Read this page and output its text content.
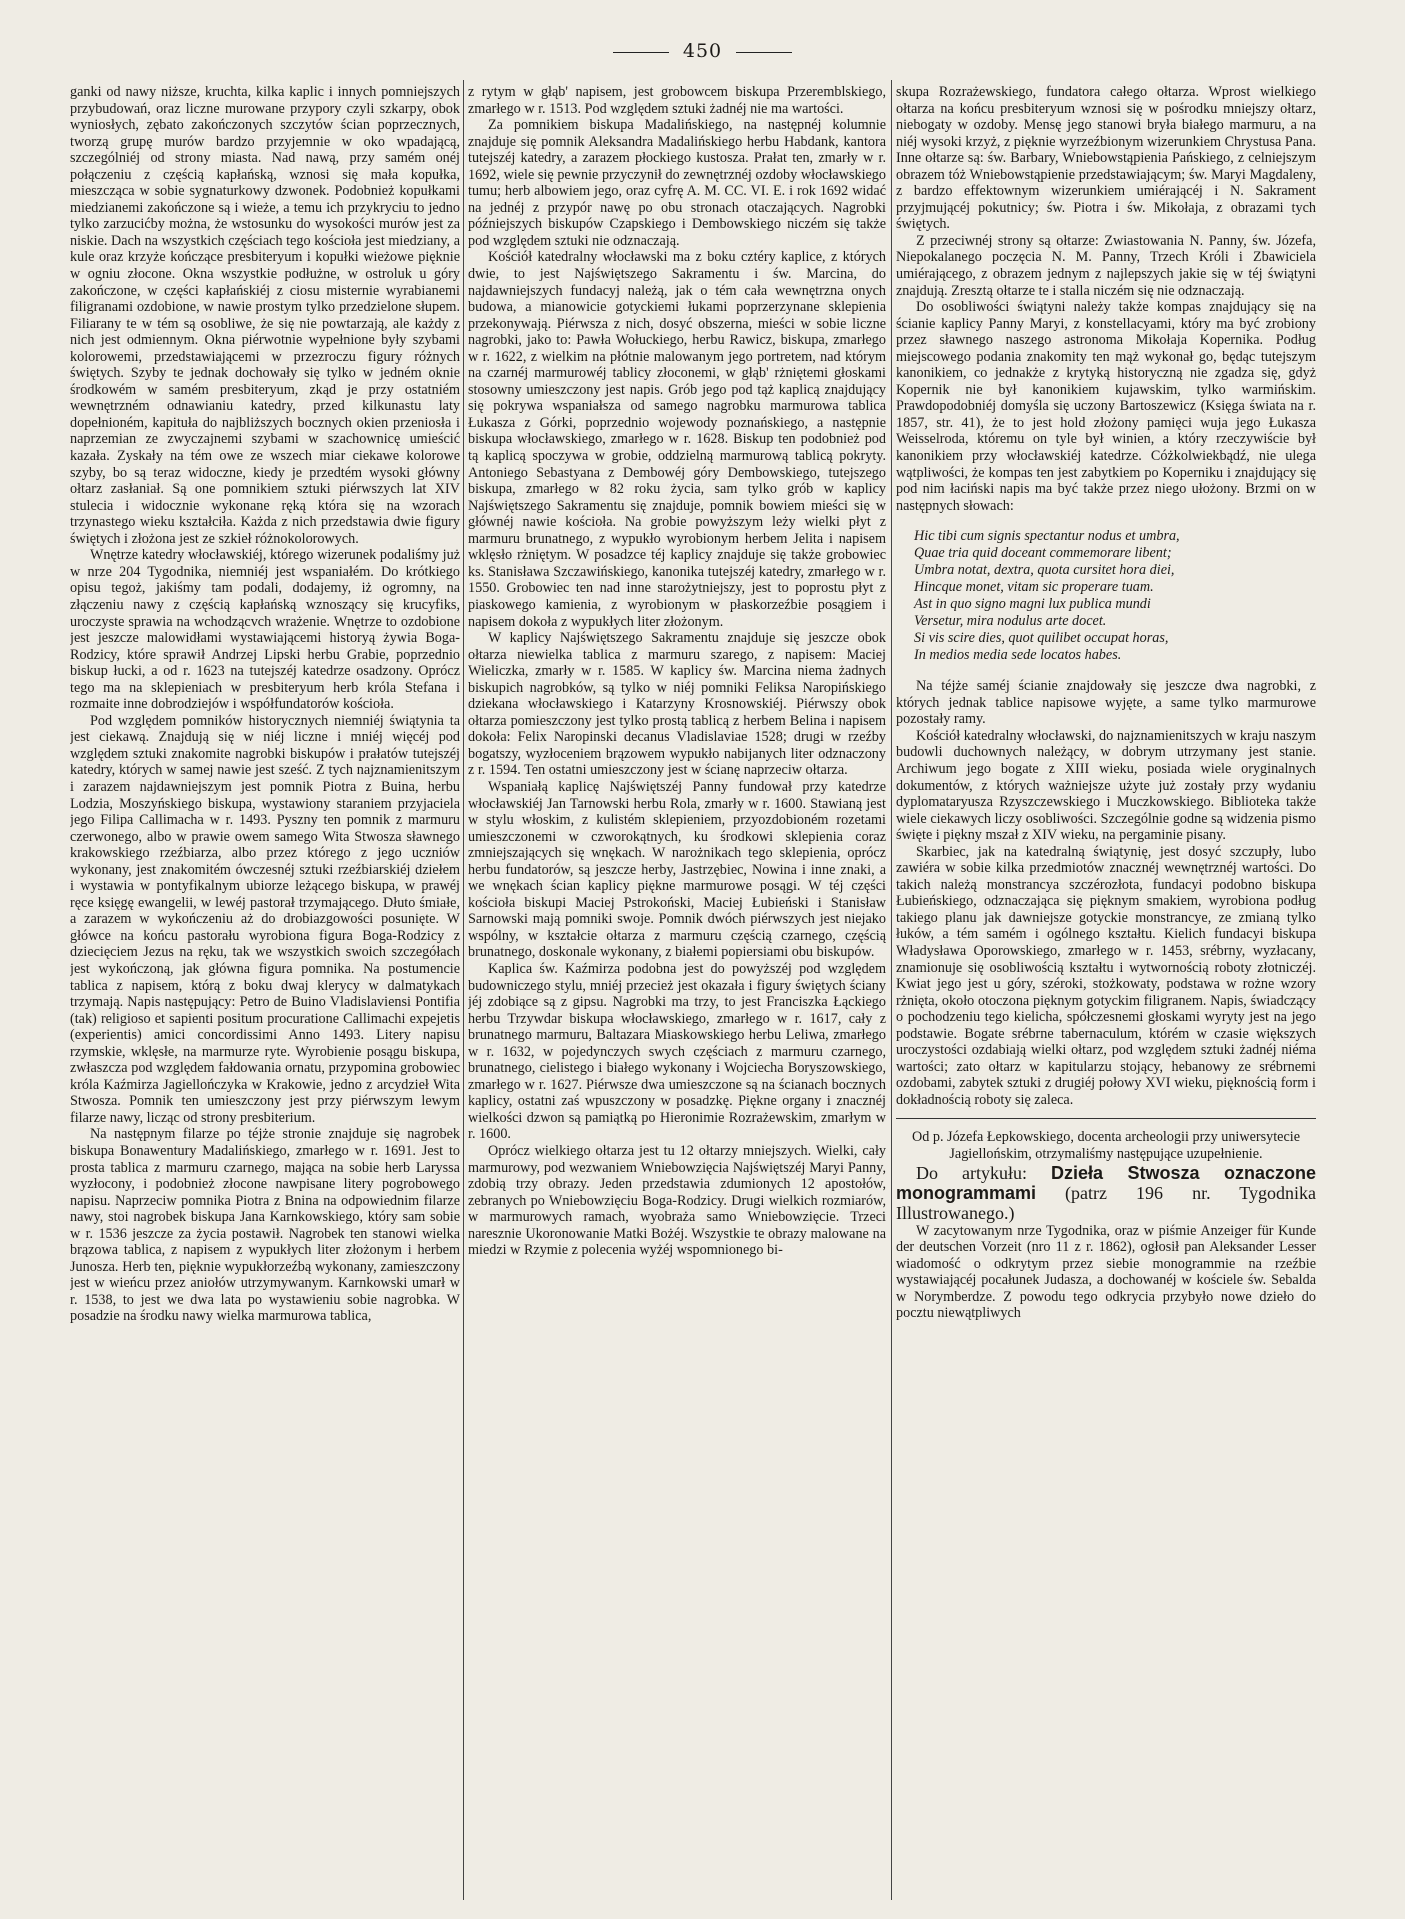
450

ganki od nawy niższe, kruchta, kilka kaplic i innych pomniejszych przybudowań, oraz liczne murowane przypory czyli szkarpy, obok wyniosłych, zębato zakończonych szczytów ścian poprzecznych, tworzą grupę murów bardzo przyjemnie w oko wpadającą, szczególniéj od strony miasta. Nad nawą, przy samém onéj połączeniu z częścią kapłańską, wznosi się mała kopułka, mieszcząca w sobie sygnaturkowy dzwonek. Podobnież kopułkami miedzianemi zakończone są i wieże, a temu ich przykryciu to jedno tylko zarzucićby można, że wstosunku do wysokości murów jest za niskie. Dach na wszystkich częściach tego kościoła jest miedziany, a kule oraz krzyże kończące presbiteryum i kopułki wieżowe pięknie w ogniu złocone. Okna wszystkie podłużne, w ostroluk u góry zakończone, w części kapłańskiéj z ciosu misternie wyrabianemi filigranami ozdobione, w nawie prostym tylko przedzielone słupem. Filiarany te w tém są osobliwe, że się nie powtarzają, ale każdy z nich jest odmiennym. Okna piérwotnie wypełnione były szybami kolorowemi, przedstawiającemi w przezroczu figury różnych świętych. Szyby te jednak dochowały się tylko w jedném oknie środkowém w samém presbiteryum, zkąd je przy ostatniém wewnętrzném odnawianiu katedry, przed kilkunastu laty dopełnioném, kapituła do najbliższych bocznych okien przeniosła i naprzemian ze zwyczajnemi szybami w szachownicę umieścić kazała. Zyskały na tém owe ze wszech miar ciekawe kolorowe szyby, bo są teraz widoczne, kiedy je przedtém wysoki główny ołtarz zasłaniał. Są one pomnikiem sztuki piérwszych lat XIV stulecia i widocznie wykonane ręką która się na wzorach trzynastego wieku kształciła. Każda z nich przedstawia dwie figury świętych i złożona jest ze szkieł różnokolorowych.

Wnętrze katedry włocławskiéj, którego wizerunek podaliśmy już w nrze 204 Tygodnika, niemniéj jest wspaniałém. Do krótkiego opisu tegoż, jakiśmy tam podali, dodajemy, iż ogromny, na złączeniu nawy z częścią kapłańską wznoszący się krucyfiks, uroczyste sprawia na wchodzącvch wrażenie. Wnętrze to ozdobione jest jeszcze malowidłami wystawiającemi historyą żywia Boga-Rodzicy, które sprawił Andrzej Lipski herbu Grabie, poprzednio biskup łucki, a od r. 1623 na tutejszéj katedrze osadzony. Oprócz tego ma na sklepieniach w presbiteryum herb króla Stefana i rozmaite inne dobrodziejów i współfundatorów kościoła.

Pod względem pomników historycznych niemniéj świątynia ta jest ciekawą. Znajdują się w niéj liczne i mniéj więcéj pod względem sztuki znakomite nagrobki biskupów i prałatów tutejszéj katedry, których w samej nawie jest sześć. Z tych najznamienitszym i zarazem najdawniejszym jest pomnik Piotra z Buina, herbu Lodzia, Moszyńskiego biskupa, wystawiony staraniem przyjaciela jego Filipa Callimacha w r. 1493. Pyszny ten pomnik z marmuru czerwonego, albo w prawie owem samego Wita Stwosza sławnego krakowskiego rzeźbiarza, albo przez którego z jego uczniów wykonany, jest znakomitém ówczesnéj sztuki rzeźbiarskiéj dziełem i wystawia w pontyfikalnym ubiorze leżącego biskupa, w prawéj ręce księgę ewangelii, w lewéj pastorał trzymającego. Dłuto śmiałe, a zarazem w wykończeniu aż do drobiazgowości posunięte. W główce na końcu pastorału wyrobiona figura Boga-Rodzicy z dziecięciem Jezus na ręku, tak we wszystkich swoich szczegółach jest wykończoną, jak główna figura pomnika. Na postumencie tablica z napisem, którą z boku dwaj klerycy w dalmatykach trzymają. Napis następujący: Petro de Buino Vladislaviensi Pontifia (tak) religioso et sapienti positum procuratione Callimachi expejetis (experientis) amici concordissimi Anno 1493. Litery napisu rzymskie, wklęsłe, na marmurze ryte. Wyrobienie posągu biskupa, zwłaszcza pod względem fałdowania ornatu, przypomina grobowiec króla Kaźmirza Jagiellończyka w Krakowie, jedno z arcydzieł Wita Stwosza. Pomnik ten umieszczony jest przy piérwszym lewym filarze nawy, licząc od strony presbiterium.

Na następnym filarze po téjże stronie znajduje się nagrobek biskupa Bonawentury Madalińskiego, zmarłego w r. 1691. Jest to prosta tablica z marmuru czarnego, mająca na sobie herb Laryssa wyzłocony, i podobnież złocone nawpisane litery pogrobowego napisu. Naprzeciw pomnika Piotra z Bnina na odpowiednim filarze nawy, stoi nagrobek biskupa Jana Karnkowskiego, który sam sobie w r. 1536 jeszcze za życia postawił. Nagrobek ten stanowi wielka brązowa tablica, z napisem z wypukłych liter złożonym i herbem Junosza. Herb ten, pięknie wypukłorzeźbą wykonany, zamieszczony jest w wieńcu przez aniołów utrzymywanym. Karnkowski umarł w r. 1538, to jest we dwa lata po wystawieniu sobie nagrobka. W posadzie na środku nawy wielka marmurowa tablica,

z rytym w głąb' napisem, jest grobowcem biskupa Przeremblskiego, zmarłego w r. 1513. Pod względem sztuki żadnéj nie ma wartości.

Za pomnikiem biskupa Madalińskiego, na następnéj kolumnie znajduje się pomnik Aleksandra Madalińskiego herbu Habdank, kantora tutejszéj katedry, a zarazem płockiego kustosza. Prałat ten, zmarły w r. 1692, wiele się pewnie przyczynił do zewnętrznéj ozdoby włocławskiego tumu; herb albowiem jego, oraz cyfrę A. M. CC. VI. E. i rok 1692 widać na jednéj z przypór nawę po obu stronach otaczających. Nagrobki późniejszych biskupów Czapskiego i Dembowskiego niczém się także pod względem sztuki nie odznaczają.

Kościół katedralny włocławski ma z boku cztéry kaplice, z których dwie, to jest Najświętszego Sakramentu i św. Marcina, do najdawniejszych fundacyj należą, jak o tém cała wewnętrzna onych budowa, a mianowicie gotyckiemi łukami poprzerzynane sklepienia przekonywają. Piérwsza z nich, dosyć obszerna, mieści w sobie liczne nagrobki, jako to: Pawła Wołuckiego, herbu Rawicz, biskupa, zmarłego w r. 1622, z wielkim na płótnie malowanym jego portretem, nad którym na czarnéj marmurowéj tablicy złoconemi, w głąb' rżniętemi głoskami stosowny umieszczony jest napis. Grób jego pod tąż kaplicą znajdujący się pokrywa wspaniałsza od samego nagrobku marmurowa tablica Łukasza z Górki, poprzednio wojewody poznańskiego, a następnie biskupa włocławskiego, zmarłego w r. 1628. Biskup ten podobnież pod tą kaplicą spoczywa w grobie, oddzielną marmurową tablicą pokryty. Antoniego Sebastyana z Dembowéj góry Dembowskiego, tutejszego biskupa, zmarłego w 82 roku życia, sam tylko grób w kaplicy Najświętszego Sakramentu się znajduje, pomnik bowiem mieści się w głównéj nawie kościoła. Na grobie powyższym leży wielki płyt z marmuru brunatnego, z wypukło wyrobionym herbem Jelita i napisem wklęsło rżniętym. W posadzce téj kaplicy znajduje się także grobowiec ks. Stanisława Szczawińskiego, kanonika tutejszéj katedry, zmarłego w r. 1550. Grobowiec ten nad inne starożytniejszy, jest to poprostu płyt z piaskowego kamienia, z wyrobionym w płaskorzeźbie posągiem i napisem dokoła z wypukłych liter złożonym.

W kaplicy Najświętszego Sakramentu znajduje się jeszcze obok ołtarza niewielka tablica z marmuru szarego, z napisem: Maciej Wieliczka, zmarły w r. 1585. W kaplicy św. Marcina niema żadnych biskupich nagrobków, są tylko w niéj pomniki Feliksa Naropińskiego dziekana włocławskiego i Katarzyny Krosnowskiéj. Piérwszy obok ołtarza pomieszczony jest tylko prostą tablicą z herbem Belina i napisem dokoła: Felix Naropinski decanus Vladislaviae 1528; drugi w rzeźby bogatszy, wyzłoceniem brązowem wypukło nabijanych liter odznaczony z r. 1594. Ten ostatni umieszczony jest w ścianę naprzeciw ołtarza.

Wspaniałą kaplicę Najświętszéj Panny fundował przy katedrze włocławskiéj Jan Tarnowski herbu Rola, zmarły w r. 1600. Stawianą jest w stylu włoskim, z kulistém sklepieniem, przyozdobioném rozetami umieszczonemi w czworokątnych, ku środkowi sklepienia coraz zmniejszających się wnękach. W narożnikach tego sklepienia, oprócz herbu fundatorów, są jeszcze herby, Jastrzębiec, Nowina i inne znaki, a we wnękach ścian kaplicy piękne marmurowe posągi. W téj części kościoła biskupi Maciej Pstrokoński, Maciej Łubieński i Stanisław Sarnowski mają pomniki swoje. Pomnik dwóch piérwszych jest niejako wspólny, w kształcie ołtarza z marmuru częścią czarnego, częścią brunatnego, doskonale wykonany, z białemi popiersiami obu biskupów.

Kaplica św. Kaźmirza podobna jest do powyższéj pod względem budowniczego stylu, mniéj przecież jest okazała i figury świętych ściany jéj zdobiące są z gipsu. Nagrobki ma trzy, to jest Franciszka Łąckiego herbu Trzywdar biskupa włocławskiego, zmarłego w r. 1617, cały z brunatnego marmuru, Baltazara Miaskowskiego herbu Leliwa, zmarłego w r. 1632, w pojedynczych swych częściach z marmuru czarnego, brunatnego, cielistego i białego wykonany i Wojciecha Boryszowskiego, zmarłego w r. 1627. Piérwsze dwa umieszczone są na ścianach bocznych kaplicy, ostatni zaś wpuszczony w posadzkę. Piękne organy i znacznéj wielkości dzwon są pamiątką po Hieronimie Rozrażewskim, zmarłym w r. 1600.

Oprócz wielkiego ołtarza jest tu 12 ołtarzy mniejszych. Wielki, cały marmurowy, pod wezwaniem Wniebowzięcia Najświętszéj Maryi Panny, zdobią trzy obrazy. Jeden przedstawia zdumionych 12 apostołów, zebranych po Wniebowzięciu Boga-Rodzicy. Drugi wielkich rozmiarów, w marmurowych ramach, wyobraża samo Wniebowzięcie. Trzeci naresznie Ukoronowanie Matki Bożéj. Wszystkie te obrazy malowane na miedzi w Rzymie z polecenia wyżéj wspomnionego bi-

skupa Rozrażewskiego, fundatora całego ołtarza. Wprost wielkiego ołtarza na końcu presbiteryum wznosi się w pośrodku mniejszy ołtarz, niebogaty w ozdoby. Mensę jego stanowi bryła białego marmuru, a na niéj wysoki krzyż, z pięknie wyrzeźbionym wizerunkiem Chrystusa Pana. Inne ołtarze są: św. Barbary, Wniebowstąpienia Pańskiego, z celniejszym obrazem tóż Wniebowstąpienie przedstawiającym; św. Maryi Magdaleny, z bardzo effektownym wizerunkiem umiérającéj i N. Sakrament przyjmującéj pokutnicy; św. Piotra i św. Mikołaja, z obrazami tych świętych.

Z przeciwnéj strony są ołtarze: Zwiastowania N. Panny, św. Józefa, Niepokalanego poczęcia N. M. Panny, Trzech Króli i Zbawiciela umiérającego, z obrazem jednym z najlepszych jakie się w téj świątyni znajdują. Zresztą ołtarze te i stalla niczém się nie odznaczają.

Do osobliwości świątyni należy także kompas znajdujący się na ścianie kaplicy Panny Maryi, z konstellacyami, który ma być zrobiony przez sławnego naszego astronoma Mikołaja Kopernika. Podług miejscowego podania znakomity ten mąż wykonał go, będąc tutejszym kanonikiem, co jednakże z krytyką historyczną nie zgadza się, gdyż Kopernik nie był kanonikiem kujawskim, tylko warmińskim. Prawdopodobniéj domyśla się uczony Bartoszewicz (Księga świata na r. 1857, str. 41), że to jest hold złożony pamięci wuja jego Łukasza Weisselroda, któremu on tyle był winien, a który rzeczywiście był kanonikiem przy włocławskiéj katedrze. Cóżkolwiekbądź, nie ulega wątpliwości, że kompas ten jest zabytkiem po Koperniku i znajdujący się pod nim łaciński napis ma być także przez niego ułożony. Brzmi on w następnych słowach:

Hic tibi cum signis spectantur nodus et umbra,
Quae tria quid doceant commemorare libent;
Umbra notat, dextra, quota cursitet hora diei,
Hincque monet, vitam sic properare tuam.
Ast in quo signo magni lux publica mundi
Versetur, mira nodulus arte docet.
Si vis scire dies, quot quilibet occupat horas,
In medios media sede locatos habes.

Na téjże saméj ścianie znajdowały się jeszcze dwa nagrobki, z których jednak tablice napisowe wyjęte, a same tylko marmurowe pozostały ramy.

Kościół katedralny włocławski, do najznamienitszych w kraju naszym budowli duchownych należący, w dobrym utrzymany jest stanie. Archiwum jego bogate z XIII wieku, posiada wiele oryginalnych dokumentów, z których ważniejsze użyte już zostały przy wydaniu dyplomataryusza Rzyszczewskiego i Muczkowskiego. Biblioteka także wiele ciekawych liczy osobliwości. Szczególnie godne są widzenia pismo święte i piękny mszał z XIV wieku, na pergaminie pisany.

Skarbiec, jak na katedralną świątynię, jest dosyć szczupły, lubo zawiéra w sobie kilka przedmiotów znacznéj wewnętrznéj wartości. Do takich należą monstrancya szczérozłota, fundacyi podobno biskupa Łubieńskiego, odznaczająca się pięknym smakiem, wyrobiona podług takiego planu jak dawniejsze gotyckie monstrancye, ze zmianą tylko łuków, a tém samém i ogólnego kształtu. Kielich fundacyi biskupa Władysława Oporowskiego, zmarłego w r. 1453, srébrny, wyzłacany, znamionuje się osobliwością kształtu i wytwornością roboty złotniczéj. Kwiat jego jest u góry, széroki, stożkowaty, podstawa w rożne wzory rżnięta, około otoczona pięknym gotyckim filigranem. Napis, świadczący o pochodzeniu tego kielicha, spółczesnemi głoskami wyryty jest na jego podstawie. Bogate srébrne tabernaculum, którém w czasie większych uroczystości ozdabiają wielki ołtarz, pod względem sztuki żadnéj niéma wartości; zato ołtarz w kapitularzu stojący, hebanowy ze srébrnemi ozdobami, zabytek sztuki z drugiéj połowy XVI wieku, pięknością form i dokładnością roboty się zaleca.

Od p. Józefa Łepkowskiego, docenta archeologii przy uniwersytecie Jagiellońskim, otrzymaliśmy następujące uzupełnienie.

Do artykułu: Dzieła Stwosza oznaczone monogrammami (patrz 196 nr. Tygodnika Illustrowanego.)

W zacytowanym nrze Tygodnika, oraz w piśmie Anzeiger für Kunde der deutschen Vorzeit (nro 11 z r. 1862), ogłosił pan Aleksander Lesser wiadomość o odkrytym przez siebie monogrammie na rzeźbie wystawiającéj pocałunek Judasza, a dochowanéj w kościele św. Sebalda w Norymberdze. Z powodu tego odkrycia przybyło nowe dzieło do pocztu niewątpliwych
